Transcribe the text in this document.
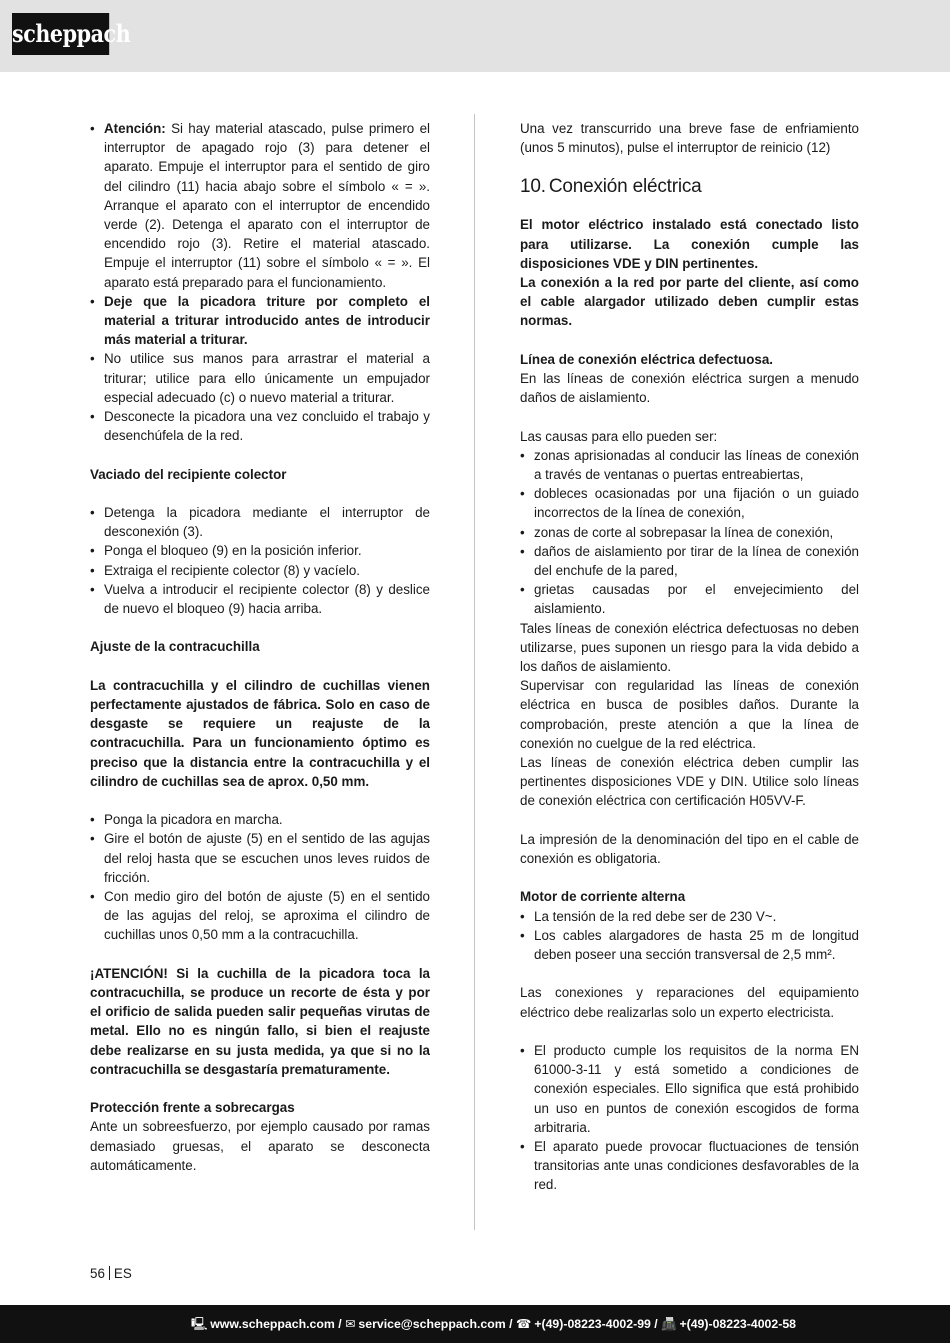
scheppach
• Atención: Si hay material atascado, pulse primero el interruptor de apagado rojo (3) para detener el aparato. Empuje el interruptor para el sentido de giro del cilindro (11) hacia abajo sobre el símbolo « = ». Arranque el aparato con el interruptor de encendido verde (2). Detenga el aparato con el interruptor de encendido rojo (3). Retire el material atascado. Empuje el interruptor (11) sobre el símbolo « = ». El aparato está preparado para el funcionamiento.
• Deje que la picadora triture por completo el material a triturar introducido antes de introducir más material a triturar.
• No utilice sus manos para arrastrar el material a triturar; utilice para ello únicamente un empujador especial adecuado (c) o nuevo material a triturar.
• Desconecte la picadora una vez concluido el trabajo y desenchúfela de la red.

Vaciado del recipiente colector

• Detenga la picadora mediante el interruptor de desconexión (3).
• Ponga el bloqueo (9) en la posición inferior.
• Extraiga el recipiente colector (8) y vacíelo.
• Vuelva a introducir el recipiente colector (8) y deslice de nuevo el bloqueo (9) hacia arriba.

Ajuste de la contracuchilla

La contracuchilla y el cilindro de cuchillas vienen perfectamente ajustados de fábrica. Solo en caso de desgaste se requiere un reajuste de la contracuchilla. Para un funcionamiento óptimo es preciso que la distancia entre la contracuchilla y el cilindro de cuchillas sea de aprox. 0,50 mm.

• Ponga la picadora en marcha.
• Gire el botón de ajuste (5) en el sentido de las agujas del reloj hasta que se escuchen unos leves ruidos de fricción.
• Con medio giro del botón de ajuste (5) en el sentido de las agujas del reloj, se aproxima el cilindro de cuchillas unos 0,50 mm a la contracuchilla.

¡ATENCIÓN! Si la cuchilla de la picadora toca la contracuchilla, se produce un recorte de ésta y por el orificio de salida pueden salir pequeñas virutas de metal. Ello no es ningún fallo, si bien el reajuste debe realizarse en su justa medida, ya que si no la contracuchilla se desgastaría prematuramente.

Protección frente a sobrecargas

Ante un sobreesfuerzo, por ejemplo causado por ramas demasiado gruesas, el aparato se desconecta automáticamente.

Una vez transcurrido una breve fase de enfriamiento (unos 5 minutos), pulse el interruptor de reinicio (12)

10. Conexión eléctrica

El motor eléctrico instalado está conectado listo para utilizarse. La conexión cumple las disposiciones VDE y DIN pertinentes.

La conexión a la red por parte del cliente, así como el cable alargador utilizado deben cumplir estas normas.

Línea de conexión eléctrica defectuosa.

En las líneas de conexión eléctrica surgen a menudo daños de aislamiento.

Las causas para ello pueden ser:

• zonas aprisionadas al conducir las líneas de conexión a través de ventanas o puertas entreabiertas,
• dobleces ocasionadas por una fijación o un guiado incorrectos de la línea de conexión,
• zonas de corte al sobrepasar la línea de conexión,
• daños de aislamiento por tirar de la línea de conexión del enchufe de la pared,
• grietas causadas por el envejecimiento del aislamiento.

Tales líneas de conexión eléctrica defectuosas no deben utilizarse, pues suponen un riesgo para la vida debido a los daños de aislamiento.

Supervisar con regularidad las líneas de conexión eléctrica en busca de posibles daños. Durante la comprobación, preste atención a que la línea de conexión no cuelgue de la red eléctrica.

Las líneas de conexión eléctrica deben cumplir las pertinentes disposiciones VDE y DIN. Utilice solo líneas de conexión eléctrica con certificación H05VV-F.

La impresión de la denominación del tipo en el cable de conexión es obligatoria.

Motor de corriente alterna

• La tensión de la red debe ser de 230 V~.
• Los cables alargadores de hasta 25 m de longitud deben poseer una sección transversal de 2,5 mm².

Las conexiones y reparaciones del equipamiento eléctrico debe realizarlas solo un experto electricista.

• El producto cumple los requisitos de la norma EN 61000-3-11 y está sometido a condiciones de conexión especiales. Ello significa que está prohibido un uso en puntos de conexión escogidos de forma arbitraria.
• El aparato puede provocar fluctuaciones de tensión transitorias ante unas condiciones desfavorables de la red.
56 ES
🖳 www.scheppach.com / ✉ service@scheppach.com / ☎ +(49)-08223-4002-99 / 📠 +(49)-08223-4002-58
